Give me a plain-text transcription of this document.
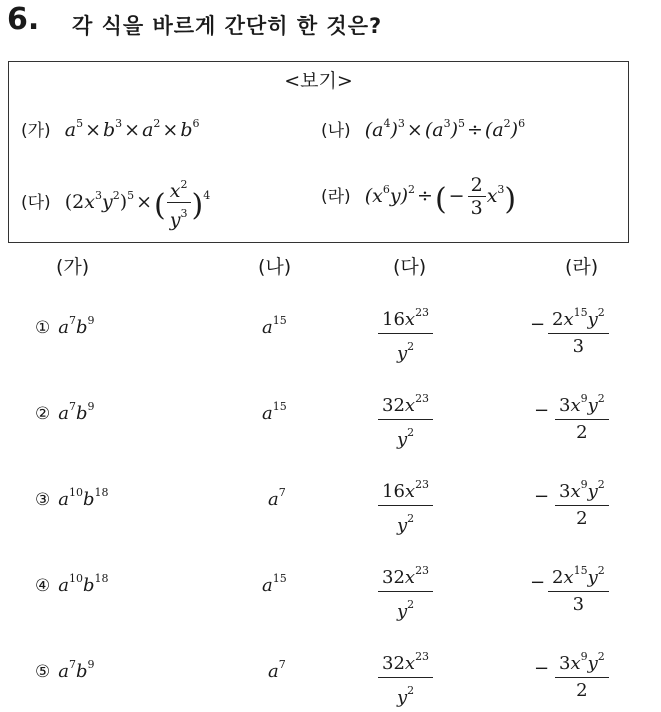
6. 각 식을 바르게 간단히 한 것은?
<보기>
(가) $a^5 \times b^3 \times a^2 \times b^6$	(나) $(a^4)^3 \times (a^3)^5 \div (a^2)^6$
(다) $(2x^3y^2)^5$ ×( $\frac{x^2}{y^3} )^4$	(라) $(x^6y)^2$ ÷( − $\frac{2}{3} x^3$)
(가)	(나)	(다)	(라)
① $a^7b^9$	$a^{15}$	$\frac{16x^{23}}{y^2}$	− $\frac{2x^{15}y^2}{3}$
② $a^7b^9$	$a^{15}$	$\frac{32x^{23}}{y^2}$	− $\frac{3x^9y^2}{2}$
③ $a^{10}b^{18}$	$a^7$	$\frac{16x^{23}}{y^2}$	− $\frac{3x^9y^2}{2}$
④ $a^{10}b^{18}$	$a^{15}$	$\frac{32x^{23}}{y^2}$	− $\frac{2x^{15}y^2}{3}$
⑤ $a^7b^9$	$a^7$	$\frac{32x^{23}}{y^2}$	− $\frac{3x^9y^2}{2}$
